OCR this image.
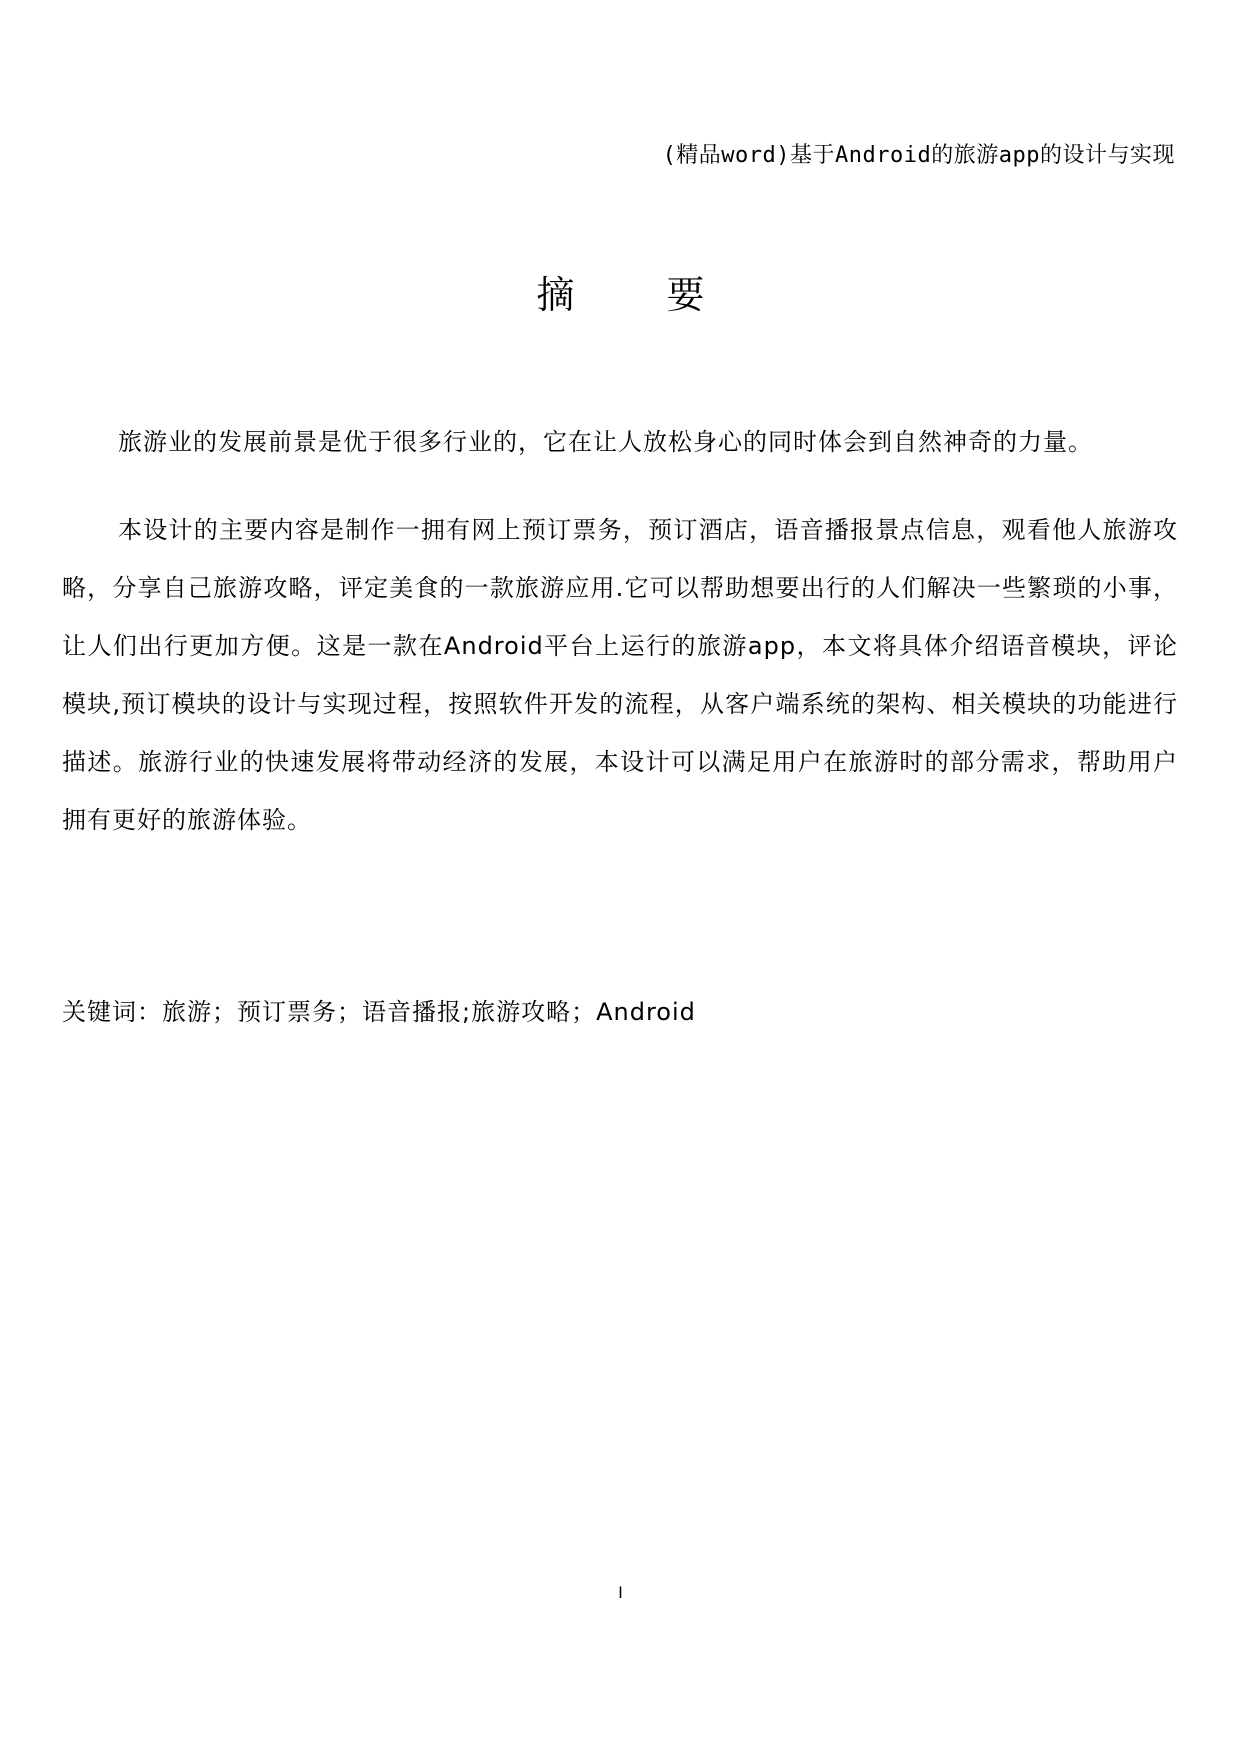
(精品word)基于Android的旅游app的设计与实现
摘 要

旅游业的发展前景是优于很多行业的，它在让人放松身心的同时体会到自然神奇的力量。

本设计的主要内容是制作一拥有网上预订票务，预订酒店，语音播报景点信息，观看他人旅游攻略，分享自己旅游攻略，评定美食的一款旅游应用.它可以帮助想要出行的人们解决一些繁琐的小事，让人们出行更加方便。这是一款在Android平台上运行的旅游app，本文将具体介绍语音模块，评论模块,预订模块的设计与实现过程，按照软件开发的流程，从客户端系统的架构、相关模块的功能进行描述。旅游行业的快速发展将带动经济的发展，本设计可以满足用户在旅游时的部分需求，帮助用户拥有更好的旅游体验。

关键词：旅游；预订票务；语音播报;旅游攻略；Android
I
